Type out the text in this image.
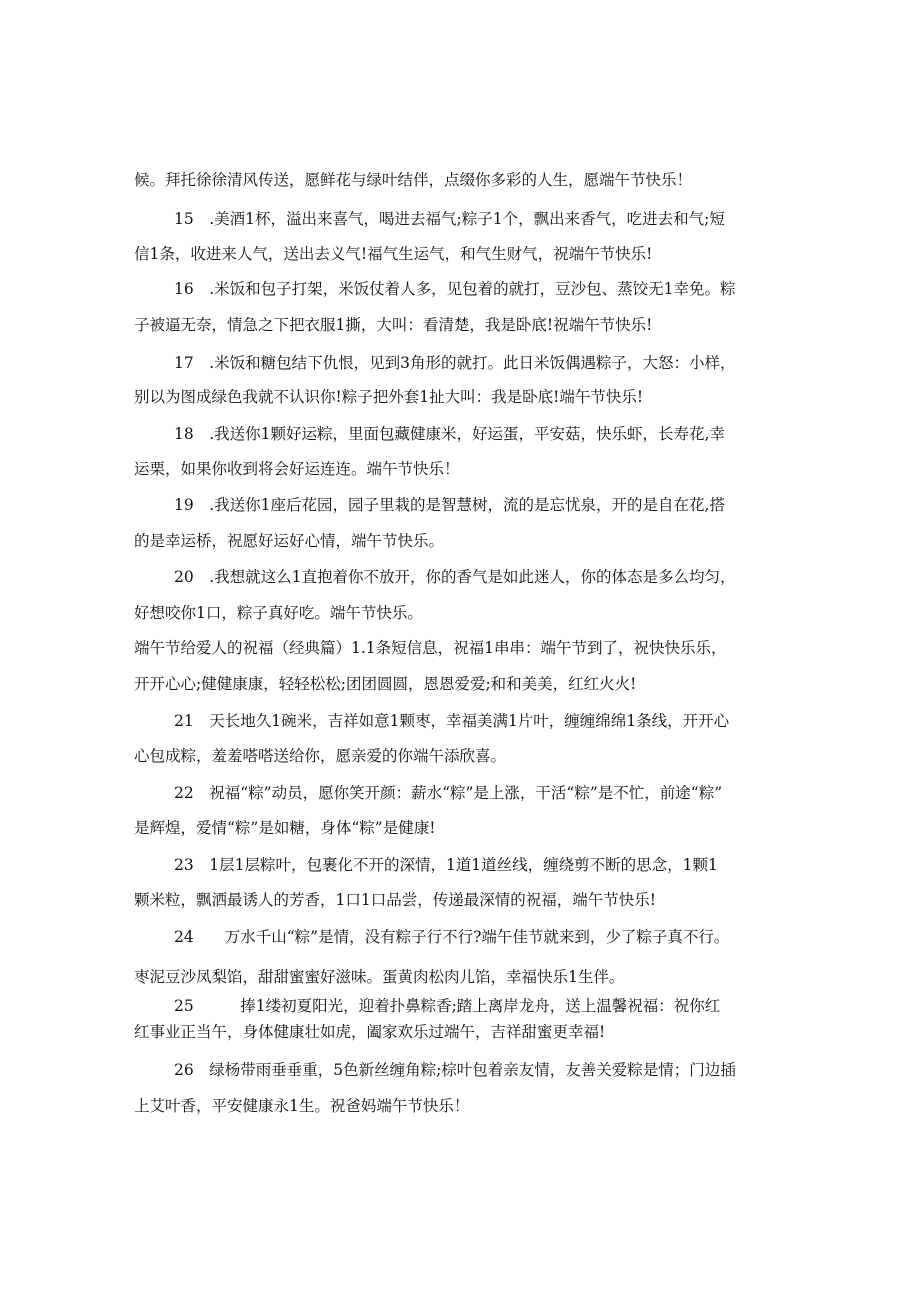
候。拜托徐徐清风传送，愿鲜花与绿叶结伴，点缀你多彩的人生，愿端午节快乐！
15　.美酒1杯，溢出来喜气，喝进去福气;粽子1个，飘出来香气，吃进去和气;短
信1条，收进来人气，送出去义气!福气生运气，和气生财气，祝端午节快乐!
16　.米饭和包子打架，米饭仗着人多，见包着的就打，豆沙包、蒸饺无1幸免。粽
子被逼无奈，情急之下把衣服1撕，大叫：看清楚，我是卧底!祝端午节快乐!
17　.米饭和糖包结下仇恨，见到3角形的就打。此日米饭偶遇粽子，大怒：小样，
别以为图成绿色我就不认识你!粽子把外套1扯大叫：我是卧底!端午节快乐!
18　.我送你1颗好运粽，里面包藏健康米，好运蛋，平安菇，快乐虾，长寿花,幸
运栗，如果你收到将会好运连连。端午节快乐！
19　.我送你1座后花园，园子里栽的是智慧树，流的是忘忧泉，开的是自在花,搭
的是幸运桥，祝愿好运好心情，端午节快乐。
20　.我想就这么1直抱着你不放开，你的香气是如此迷人，你的体态是多么均匀，
好想咬你1口，粽子真好吃。端午节快乐。
端午节给爱人的祝福（经典篇）1.1条短信息，祝福1串串：端午节到了，祝快快乐乐，
开开心心;健健康康，轻轻松松;团团圆圆，恩恩爱爱;和和美美，红红火火!
21　天长地久1碗米，吉祥如意1颗枣，幸福美满1片叶，缠缠绵绵1条线，开开心
心包成粽，羞羞嗒嗒送给你，愿亲爱的你端午添欣喜。
22　祝福“粽”动员，愿你笑开颜：薪水“粽”是上涨，干活“粽”是不忙，前途“粽”
是辉煌，爱情“粽”是如糖，身体“粽”是健康!
23　1层1层粽叶，包裹化不开的深情，1道1道丝线，缠绕剪不断的思念，1颗1
颗米粒，飘洒最诱人的芳香，1口1口品尝，传递最深情的祝福，端午节快乐!
24　　万水千山“粽”是情，没有粽子行不行?端午佳节就来到，少了粽子真不行。
枣泥豆沙凤梨馅，甜甜蜜蜜好滋味。蛋黄肉松肉儿馅，幸福快乐1生伴。
25　　　捧1缕初夏阳光，迎着扑鼻粽香;踏上离岸龙舟，送上温馨祝福：祝你红
红事业正当午，身体健康壮如虎，阖家欢乐过端午，吉祥甜蜜更幸福!
26　绿杨带雨垂垂重，5色新丝缠角粽;棕叶包着亲友情，友善关爱粽是情；门边插
上艾叶香，平安健康永1生。祝爸妈端午节快乐！
